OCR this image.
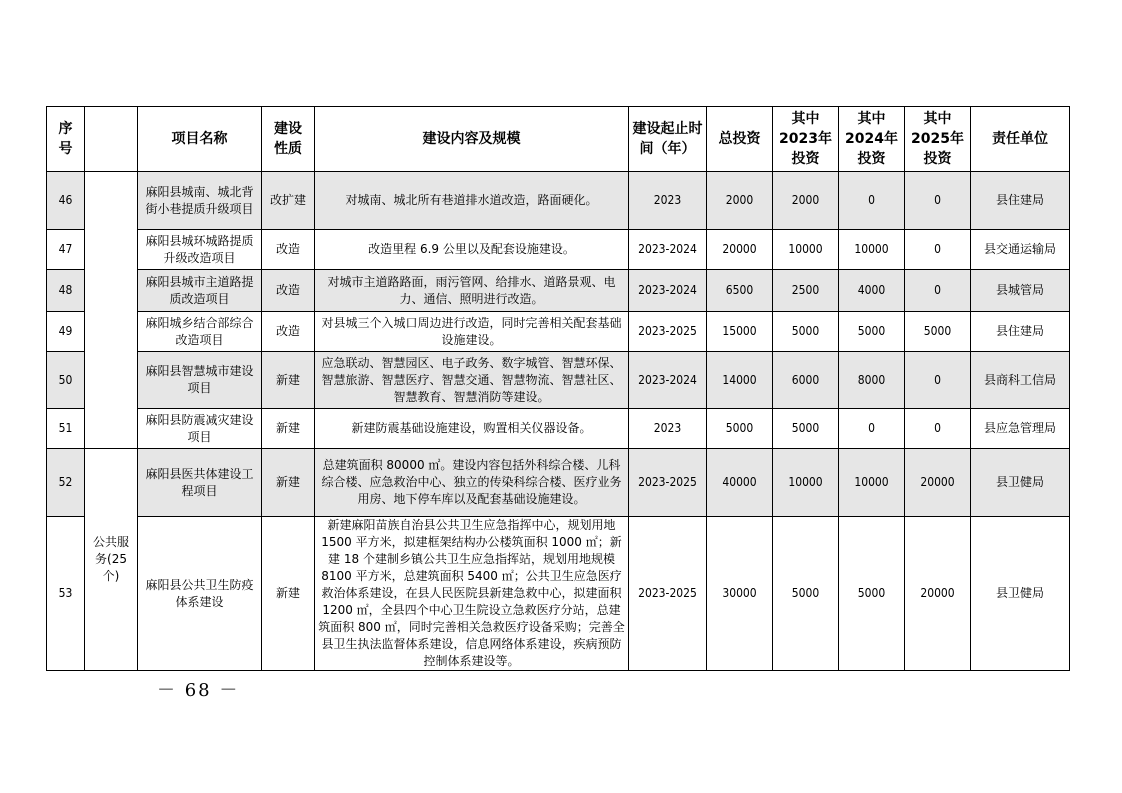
序号		项目名称	建设性质	建设内容及规模	建设起止时间（年）	总投资	其中2023年投资	其中2024年投资	其中2025年投资	责任单位
46		麻阳县城南、城北背街小巷提质升级项目	改扩建	对城南、城北所有巷道排水道改造，路面硬化。	2023	2000	2000	0	0	县住建局
47		麻阳县城环城路提质升级改造项目	改造	改造里程 6.9 公里以及配套设施建设。	2023-2024	20000	10000	10000	0	县交通运输局
48		麻阳县城市主道路提质改造项目	改造	对城市主道路路面，雨污管网、给排水、道路景观、电力、通信、照明进行改造。	2023-2024	6500	2500	4000	0	县城管局
49		麻阳城乡结合部综合改造项目	改造	对县城三个入城口周边进行改造，同时完善相关配套基础设施建设。	2023-2025	15000	5000	5000	5000	县住建局
50		麻阳县智慧城市建设项目	新建	应急联动、智慧园区、电子政务、数字城管、智慧环保、智慧旅游、智慧医疗、智慧交通、智慧物流、智慧社区、智慧教育、智慧消防等建设。	2023-2024	14000	6000	8000	0	县商科工信局
51		麻阳县防震减灾建设项目	新建	新建防震基础设施建设，购置相关仪器设备。	2023	5000	5000	0	0	县应急管理局
52	公共服务(25个)	麻阳县医共体建设工程项目	新建	总建筑面积 80000 ㎡。建设内容包括外科综合楼、儿科综合楼、应急救治中心、独立的传染科综合楼、医疗业务用房、地下停车库以及配套基础设施建设。	2023-2025	40000	10000	10000	20000	县卫健局
53		麻阳县公共卫生防疫体系建设	新建	新建麻阳苗族自治县公共卫生应急指挥中心，规划用地 1500 平方米，拟建框架结构办公楼筑面积 1000 ㎡；新建 18 个建制乡镇公共卫生应急指挥站，规划用地规模 8100 平方米，总建筑面积 5400 ㎡；公共卫生应急医疗救治体系建设，在县人民医院县新建急救中心，拟建面积 1200 ㎡，全县四个中心卫生院设立急救医疗分站，总建筑面积 800 ㎡，同时完善相关急救医疗设备采购；完善全县卫生执法监督体系建设，信息网络体系建设，疾病预防控制体系建设等。	2023-2025	30000	5000	5000	20000	县卫健局
－ 68 －
